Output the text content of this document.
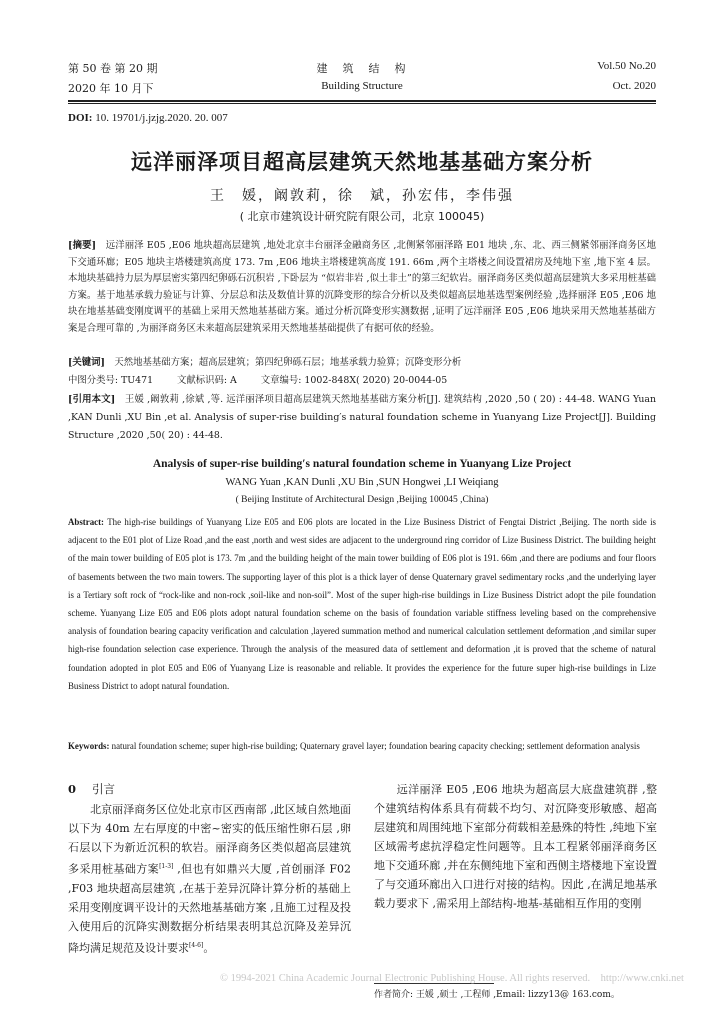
第 50 卷 第 20 期
2020 年 10 月下
建　筑　结　构
Building Structure
Vol.50 No.20
Oct. 2020
DOI: 10. 19701/j.jzjg.2020. 20. 007
远洋丽泽项目超高层建筑天然地基基础方案分析
王　媛，阚敦莉，徐　斌，孙宏伟，李伟强
( 北京市建筑设计研究院有限公司，北京 100045)
[摘要]　远洋丽泽 E05 ,E06 地块超高层建筑 ,地处北京丰台丽泽金融商务区 ,北侧紧邻丽泽路 E01 地块 ,东、北、西三侧紧邻丽泽商务区地下交通环廊；E05 地块主塔楼建筑高度 173. 7m ,E06 地块主塔楼建筑高度 191. 66m ,两个主塔楼之间设置裙房及纯地下室 ,地下室 4 层。本地块基础持力层为厚层密实第四纪卵砾石沉积岩 ,下卧层为 “似岩非岩 ,似土非土”的第三纪软岩。丽泽商务区类似超高层建筑大多采用桩基础方案。基于地基承载力验证与计算、分层总和法及数值计算的沉降变形的综合分析以及类似超高层地基选型案例经验 ,选择丽泽 E05 ,E06 地块在地基基础变刚度调平的基础上采用天然地基基础方案。通过分析沉降变形实测数据 ,证明了远洋丽泽 E05 ,E06 地块采用天然地基基础方案是合理可靠的 ,为丽泽商务区未来超高层建筑采用天然地基基础提供了有据可依的经验。
[关键词]　天然地基基础方案；超高层建筑；第四纪卵砾石层；地基承载力验算；沉降变形分析
中图分类号: TU471	文献标识码: A	文章编号: 1002-848X( 2020) 20-0044-05
[引用本文]　王媛 ,阚敦莉 ,徐斌 ,等. 远洋丽泽项目超高层建筑天然地基基础方案分析[J]. 建筑结构 ,2020 ,50 ( 20) : 44-48. WANG Yuan ,KAN Dunli ,XU Bin ,et al. Analysis of super-rise building′s natural foundation scheme in Yuanyang Lize Project[J]. Building Structure ,2020 ,50( 20) : 44-48.
Analysis of super-rise building′s natural foundation scheme in Yuanyang Lize Project
WANG Yuan ,KAN Dunli ,XU Bin ,SUN Hongwei ,LI Weiqiang
( Beijing Institute of Architectural Design ,Beijing 100045 ,China)
Abstract: The high-rise buildings of Yuanyang Lize E05 and E06 plots are located in the Lize Business District of Fengtai District ,Beijing. The north side is adjacent to the E01 plot of Lize Road ,and the east ,north and west sides are adjacent to the underground ring corridor of Lize Business District. The building height of the main tower building of E05 plot is 173. 7m ,and the building height of the main tower building of E06 plot is 191. 66m ,and there are podiums and four floors of basements between the two main towers. The supporting layer of this plot is a thick layer of dense Quaternary gravel sedimentary rocks ,and the underlying layer is a Tertiary soft rock of “rock-like and non-rock ,soil-like and non-soil”. Most of the super high-rise buildings in Lize Business District adopt the pile foundation scheme. Yuanyang Lize E05 and E06 plots adopt natural foundation scheme on the basis of foundation variable stiffness leveling based on the comprehensive analysis of foundation bearing capacity verification and calculation ,layered summation method and numerical calculation settlement deformation ,and similar super high-rise foundation selection case experience. Through the analysis of the measured data of settlement and deformation ,it is proved that the scheme of natural foundation adopted in plot E05 and E06 of Yuanyang Lize is reasonable and reliable. It provides the experience for the future super high-rise buildings in Lize Business District to adopt natural foundation.
Keywords: natural foundation scheme; super high-rise building; Quaternary gravel layer; foundation bearing capacity checking; settlement deformation analysis
0 引言
　　北京丽泽商务区位处北京市区西南部 ,此区域自然地面以下为 40m 左右厚度的中密~密实的低压缩性卵石层 ,卵石层以下为新近沉积的软岩。丽泽商务区类似超高层建筑多采用桩基础方案[1-3] ,但也有如鼎兴大厦 ,首创丽泽 F02 ,F03 地块超高层建筑 ,在基于差异沉降计算分析的基础上采用变刚度调平设计的天然地基基础方案 ,且施工过程及投入使用后的沉降实测数据分析结果表明其总沉降及差异沉降均满足规范及设计要求[4-6]。
　　远洋丽泽 E05 ,E06 地块为超高层大底盘建筑群 ,整个建筑结构体系具有荷载不均匀、对沉降变形敏感、超高层建筑和周围纯地下室部分荷载相差悬殊的特性 ,纯地下室区域需考虑抗浮稳定性问题等。且本工程紧邻丽泽商务区地下交通环廊 ,并在东侧纯地下室和西侧主塔楼地下室设置了与交通环廊出入口进行对接的结构。因此 ,在满足地基承载力要求下 ,需采用上部结构-地基-基础相互作用的变刚
作者简介: 王媛 ,硕士 ,工程师 ,Email: lizzy13@ 163.com。
© 1994-2021 China Academic Journal Electronic Publishing House. All rights reserved.　http://www.cnki.net
